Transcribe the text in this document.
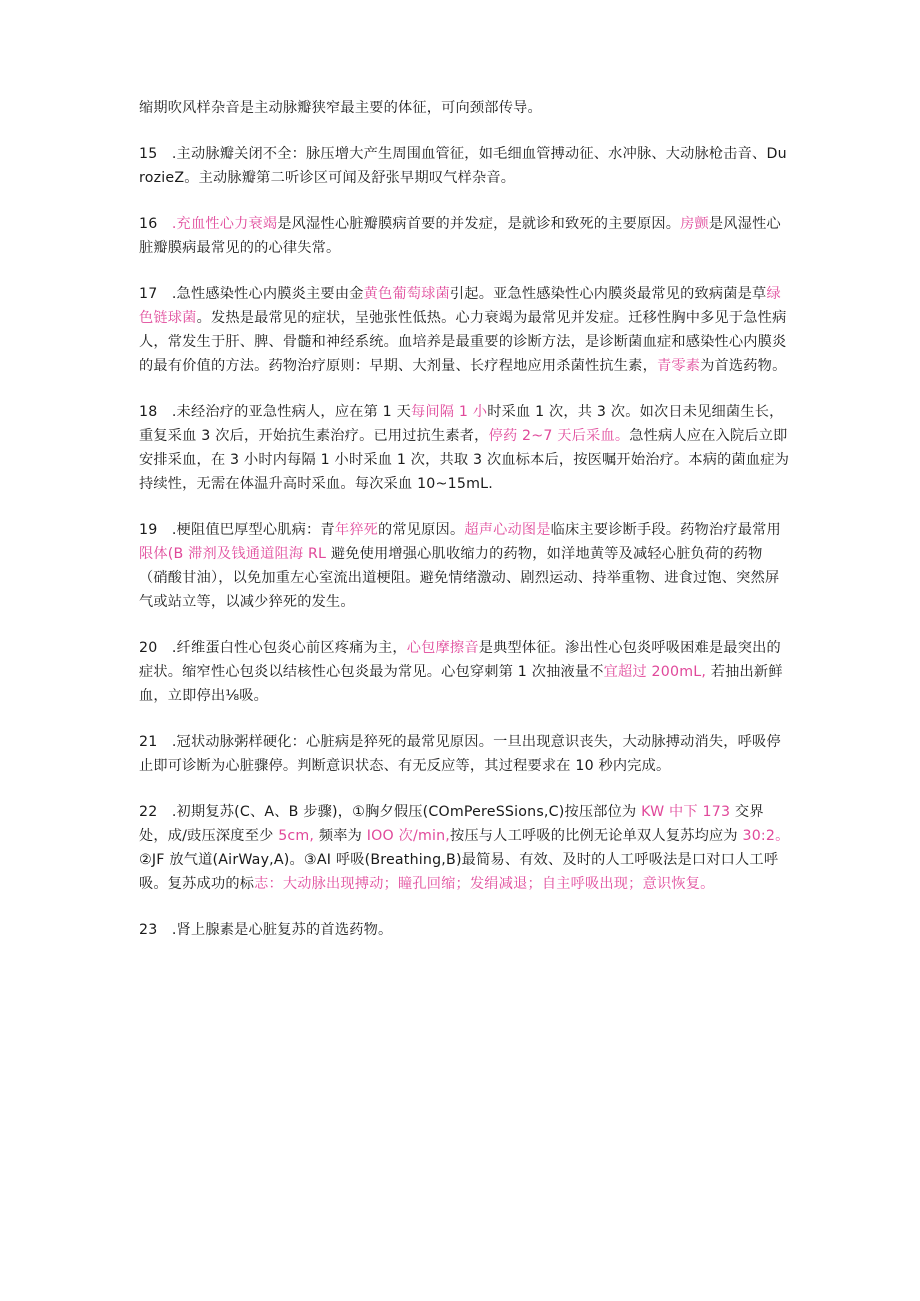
缩期吹风样杂音是主动脉瓣狭窄最主要的体征，可向颈部传导。

15　.主动脉瓣关闭不全：脉压增大产生周围血管征，如毛细血管搏动征、水冲脉、大动脉枪击音、DurozieZ。主动脉瓣第二听诊区可闻及舒张早期叹气样杂音。

16　.充血性心力衰竭是风湿性心脏瓣膜病首要的并发症，是就诊和致死的主要原因。房颤是风湿性心脏瓣膜病最常见的的心律失常。

17　.急性感染性心内膜炎主要由金黄色葡萄球菌引起。亚急性感染性心内膜炎最常见的致病菌是草绿色链球菌。发热是最常见的症状，呈弛张性低热。心力衰竭为最常见并发症。迁移性胸中多见于急性病人，常发生于肝、脾、骨髓和神经系统。血培养是最重要的诊断方法，是诊断菌血症和感染性心内膜炎的最有价值的方法。药物治疗原则：早期、大剂量、长疗程地应用杀菌性抗生素，青零素为首选药物。

18　.未经治疗的亚急性病人，应在第 1 天每间隔 1 小时采血 1 次，共 3 次。如次日未见细菌生长，重复采血 3 次后，开始抗生素治疗。已用过抗生素者，停药 2~7 天后采血。急性病人应在入院后立即安排采血，在 3 小时内每隔 1 小时采血 1 次，共取 3 次血标本后，按医嘱开始治疗。本病的菌血症为持续性，无需在体温升高时采血。每次采血 10~15mL.

19　.梗阻值巴厚型心肌病：青年猝死的常见原因。超声心动图是临床主要诊断手段。药物治疗最常用限体(B 滞剂及钱通道阻海 RL 避免使用增强心肌收缩力的药物，如洋地黄等及减轻心脏负荷的药物（硝酸甘油），以免加重左心室流出道梗阻。避免情绪激动、剧烈运动、持举重物、进食过饱、突然屏气或站立等，以减少猝死的发生。

20　.纤维蛋白性心包炎心前区疼痛为主，心包摩擦音是典型体征。渗出性心包炎呼吸困难是最突出的症状。缩窄性心包炎以结核性心包炎最为常见。心包穿刺第 1 次抽液量不宜超过 200mL, 若抽出新鲜血，立即停出⅛吸。

21　.冠状动脉粥样硬化：心脏病是猝死的最常见原因。一旦出现意识丧失，大动脉搏动消失，呼吸停止即可诊断为心脏骤停。判断意识状态、有无反应等，其过程要求在 10 秒内完成。

22　.初期复苏(C、A、B 步骤)，①胸夕假压(COmPereSSions,C)按压部位为 KW 中下 173 交界处，成/豉压深度至少 5cm, 频率为 IOO 次/min,按压与人工呼吸的比例无论单双人复苏均应为 30:2。②JF 放气道(AirWay,A)。③AI 呼吸(Breathing,B)最简易、有效、及时的人工呼吸法是口对口人工呼吸。复苏成功的标志：大动脉出现搏动；瞳孔回缩；发绢减退；自主呼吸出现；意识恢复。

23　.肾上腺素是心脏复苏的首选药物。
